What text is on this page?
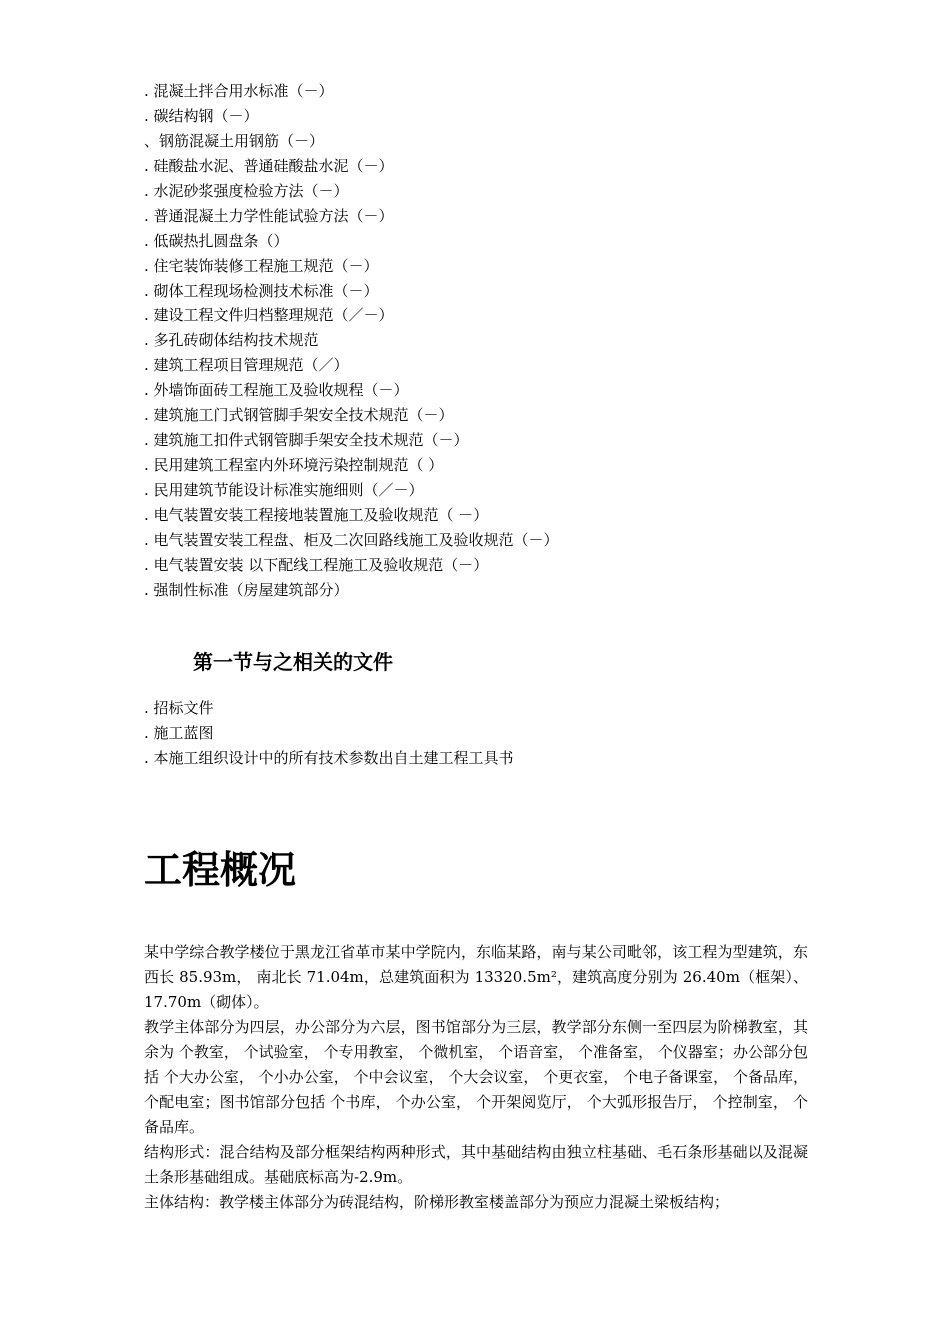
. 混凝土拌合用水标准（－）
. 碳结构钢（－）
、钢筋混凝土用钢筋（－）
. 硅酸盐水泥、普通硅酸盐水泥（－）
. 水泥砂浆强度检验方法（－）
. 普通混凝土力学性能试验方法（－）
. 低碳热扎圆盘条（）
. 住宅装饰装修工程施工规范（－）
. 砌体工程现场检测技术标准（－）
. 建设工程文件归档整理规范（／－）
. 多孔砖砌体结构技术规范
. 建筑工程项目管理规范（／）
. 外墙饰面砖工程施工及验收规程（－）
. 建筑施工门式钢管脚手架安全技术规范（－）
. 建筑施工扣件式钢管脚手架安全技术规范（－）
. 民用建筑工程室内外环境污染控制规范（ ）
. 民用建筑节能设计标准实施细则（／－）
. 电气装置安装工程接地装置施工及验收规范（ －）
. 电气装置安装工程盘、柜及二次回路线施工及验收规范（－）
. 电气装置安装 以下配线工程施工及验收规范（－）
. 强制性标准（房屋建筑部分）
第一节与之相关的文件
. 招标文件
. 施工蓝图
. 本施工组织设计中的所有技术参数出自土建工程工具书
工程概况

某中学综合教学楼位于黑龙江省革市某中学院内，东临某路，南与某公司毗邻，该工程为型建筑，东西长 85.93m， 南北长 71.04m，总建筑面积为 13320.5m²，建筑高度分别为 26.40m（框架）、17.70m（砌体）。

教学主体部分为四层，办公部分为六层，图书馆部分为三层，教学部分东侧一至四层为阶梯教室，其余为 个教室， 个试验室， 个专用教室， 个微机室， 个语音室， 个准备室， 个仪器室；办公部分包括 个大办公室， 个小办公室， 个中会议室， 个大会议室， 个更衣室， 个电子备课室， 个备品库， 个配电室；图书馆部分包括 个书库， 个办公室， 个开架阅览厅， 个大弧形报告厅， 个控制室， 个备品库。

结构形式：混合结构及部分框架结构两种形式，其中基础结构由独立柱基础、毛石条形基础以及混凝土条形基础组成。基础底标高为-2.9m。

主体结构：教学楼主体部分为砖混结构，阶梯形教室楼盖部分为预应力混凝土梁板结构；
